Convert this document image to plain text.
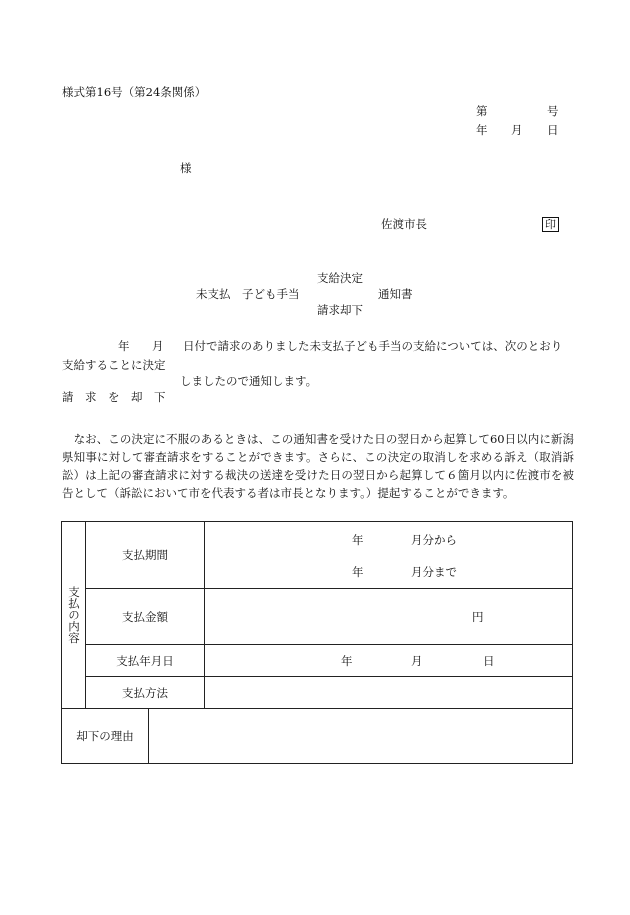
様式第16号（第24条関係）
第	号
年 月 日
様
佐渡市長	印
支給決定
未支払　子ども手当	通知書
請求却下
年 月 日付で請求のありました未支払子ども手当の支給については、次のとおり
支給することに決定
しましたので通知します。
請　求　を　却　下
　なお、この決定に不服のあるときは、この通知書を受けた日の翌日から起算して60日以内に新潟県知事に対して審査請求をすることができます。さらに、この決定の取消しを求める訴え（取消訴訟）は上記の審査請求に対する裁決の送達を受けた日の翌日から起算して６箇月以内に佐渡市を被告として（訴訟において市を代表する者は市長となります。）提起することができます。
支払の内容	支払期間		年 月分から
年 月分まで

	支払金額		円

	支払年月日		年 月 日

	支払方法		
却下の理由			
